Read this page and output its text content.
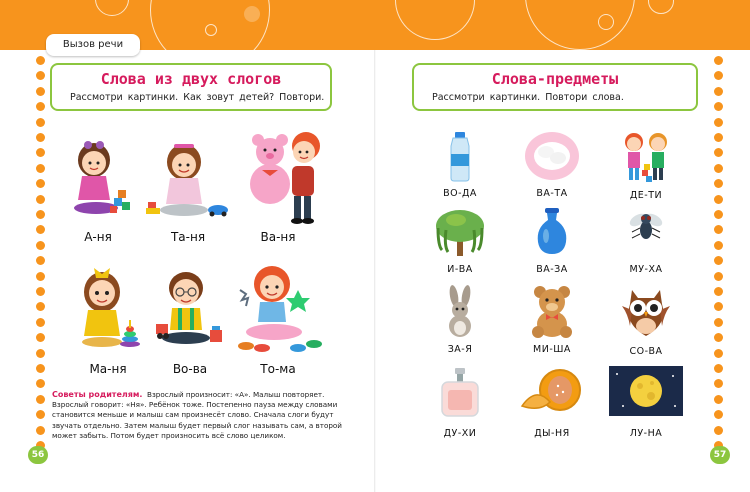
Вызов речи
Слова из двух слогов
Рассмотри картинки. Как зовут детей? Повтори.
А-ня	Та-ня	Ва-ня
Ма-ня	Во-ва	То-ма
Советы родителям. Взрослый произносит: «А». Малыш повторяет. Взрослый говорит: «Ня». Ребёнок тоже. Постепенно пауза между словами становится меньше и малыш сам произнесёт слово. Сначала слоги будут звучать отдельно. Затем малыш будет первый слог называть сам, а второй может забыть. Потом будет произносить всё слово целиком.
56
Слова-предметы
Рассмотри картинки. Повтори слова.
ВО-ДА	ВА-ТА	ДЕ-ТИ
И-ВА	ВА-ЗА	МУ-ХА
ЗА-Я	МИ-ША	СО-ВА
ДУ-ХИ	ДЫ-НЯ	ЛУ-НА
57
